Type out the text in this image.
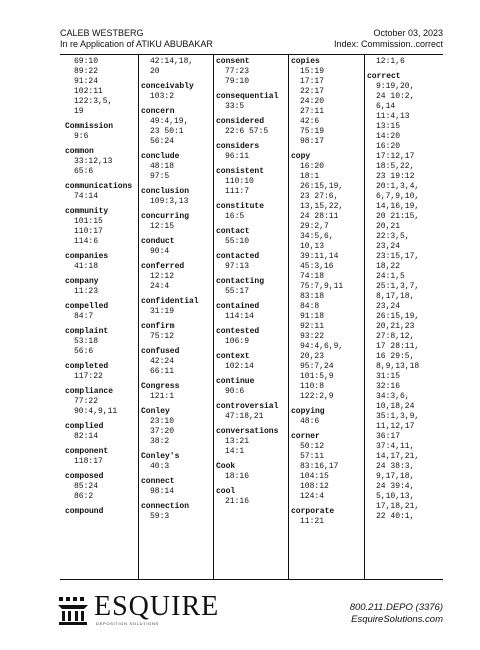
CALEB WESTBERG
In re Application of ATIKU ABUBAKAR
October 03, 2023
Index: Commission..correct
69:10
89:22
91:24
102:11
122:3,5,
19
Commission
9:6
common
33:12,13
65:6
communications
74:14
community
101:15
110:17
114:6
companies
41:18
company
11:23
compelled
84:7
complaint
53:18
56:6
completed
117:22
compliance
77:22
90:4,9,11
complied
82:14
component
118:17
composed
85:24
86:2
compound
42:14,18,
20
conceivably
103:2
concern
49:4,19,
23 50:1
56:24
conclude
48:18
97:5
conclusion
109:3,13
concurring
12:15
conduct
90:4
conferred
12:12
24:4
confidential
31:19
confirm
75:12
confused
42:24
66:11
Congress
121:1
Conley
23:10
37:20
38:2
Conley's
40:3
connect
98:14
connection
59:3
consent
77:23
79:10
consequential
33:5
considered
22:6 57:5
considers
96:11
consistent
110:10
111:7
constitute
16:5
contact
55:10
contacted
97:13
contacting
55:17
contained
114:14
contested
106:9
context
102:14
continue
90:6
controversial
47:18,21
conversations
13:21
14:1
Cook
18:16
cool
21:16
copies
15:19
17:17
22:17
24:20
27:11
42:6
75:19
98:17
copy
16:20
18:1
26:15,19,
23 27:6,
13,15,22,
24 28:11
29:2,7
34:5,6,
10,13
39:11,14
45:3,16
74:18
75:7,9,11
83:18
84:8
91:18
92:11
93:22
94:4,6,9,
20,23
95:7,24
101:5,9
110:8
122:2,9
copying
48:6
corner
50:12
57:11
83:16,17
104:15
108:12
124:4
corporate
11:21
12:1,6
correct
9:19,20,
24 10:2,
6,14
11:4,13
13:15
14:20
16:20
17:12,17
18:5,22,
23 19:12
20:1,3,4,
6,7,9,10,
14,16,19,
20 21:15,
20,21
22:3,5,
23,24
23:15,17,
18,22
24:1,5
25:1,3,7,
8,17,18,
23,24
26:15,19,
20,21,23
27:8,12,
17 28:11,
16 29:5,
8,9,13,18
31:15
32:16
34:3,6,
10,18,24
35:1,3,9,
11,12,17
36:17
37:4,11,
14,17,21,
24 38:3,
9,17,18,
24 39:4,
5,10,13,
17,18,21,
22 40:1,
ESQUIRE
DEPOSITION SOLUTIONS
800.211.DEPO (3376)
EsquireSolutions.com
